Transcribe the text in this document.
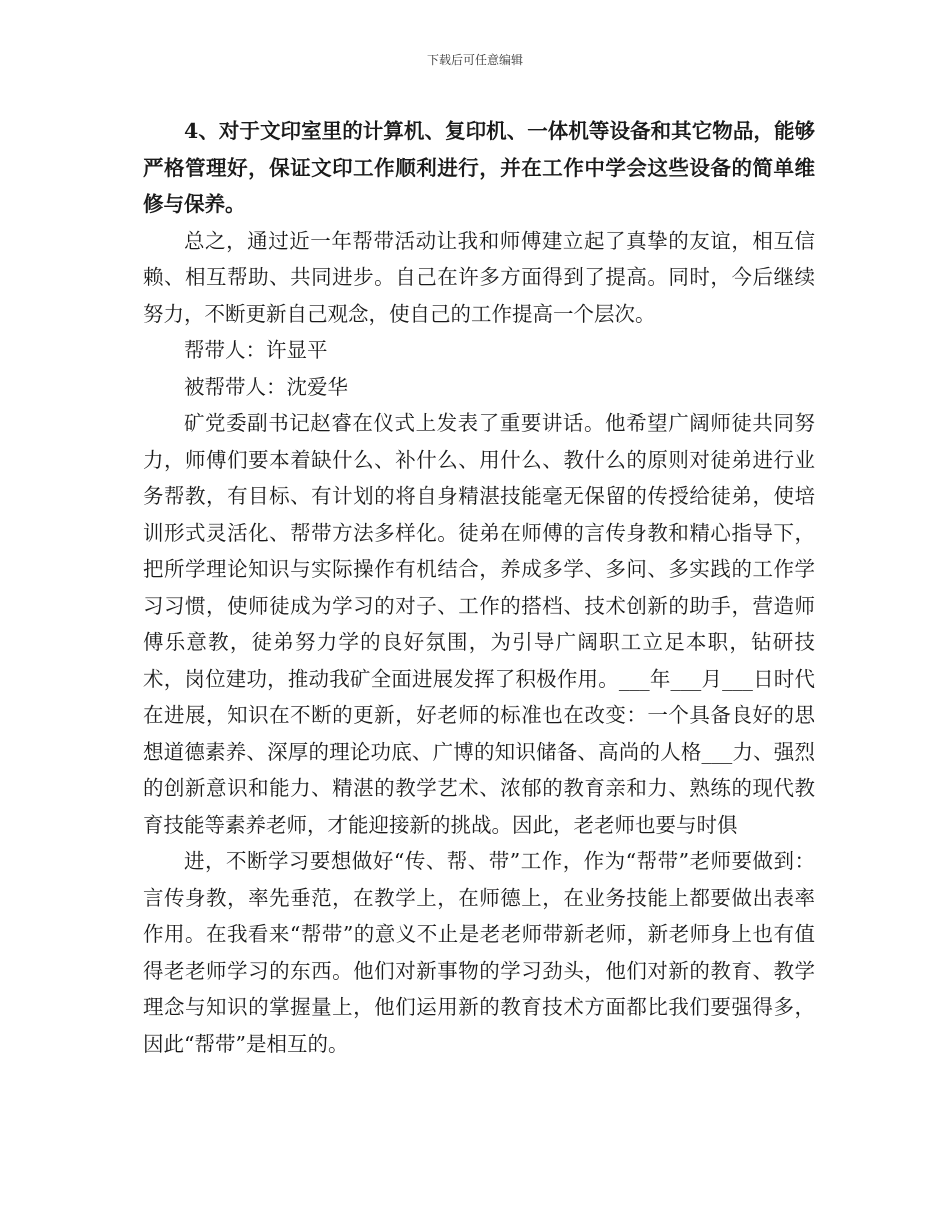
下载后可任意编辑

4、对于文印室里的计算机、复印机、一体机等设备和其它物品，能够严格管理好，保证文印工作顺利进行，并在工作中学会这些设备的简单维修与保养。

总之，通过近一年帮带活动让我和师傅建立起了真挚的友谊，相互信赖、相互帮助、共同进步。自己在许多方面得到了提高。同时，今后继续努力，不断更新自己观念，使自己的工作提高一个层次。

帮带人：许显平

被帮带人：沈爱华

矿党委副书记赵睿在仪式上发表了重要讲话。他希望广阔师徒共同努力，师傅们要本着缺什么、补什么、用什么、教什么的原则对徒弟进行业务帮教，有目标、有计划的将自身精湛技能毫无保留的传授给徒弟，使培训形式灵活化、帮带方法多样化。徒弟在师傅的言传身教和精心指导下，把所学理论知识与实际操作有机结合，养成多学、多问、多实践的工作学习习惯，使师徒成为学习的对子、工作的搭档、技术创新的助手，营造师傅乐意教，徒弟努力学的良好氛围，为引导广阔职工立足本职，钻研技术，岗位建功，推动我矿全面进展发挥了积极作用。___年___月___日时代在进展，知识在不断的更新，好老师的标准也在改变：一个具备良好的思想道德素养、深厚的理论功底、广博的知识储备、高尚的人格___力、强烈的创新意识和能力、精湛的教学艺术、浓郁的教育亲和力、熟练的现代教育技能等素养老师，才能迎接新的挑战。因此，老老师也要与时俱

进，不断学习要想做好“传、帮、带”工作，作为“帮带”老师要做到：言传身教，率先垂范，在教学上，在师德上，在业务技能上都要做出表率作用。在我看来“帮带”的意义不止是老老师带新老师，新老师身上也有值得老老师学习的东西。他们对新事物的学习劲头，他们对新的教育、教学理念与知识的掌握量上，他们运用新的教育技术方面都比我们要强得多，因此“帮带”是相互的。
